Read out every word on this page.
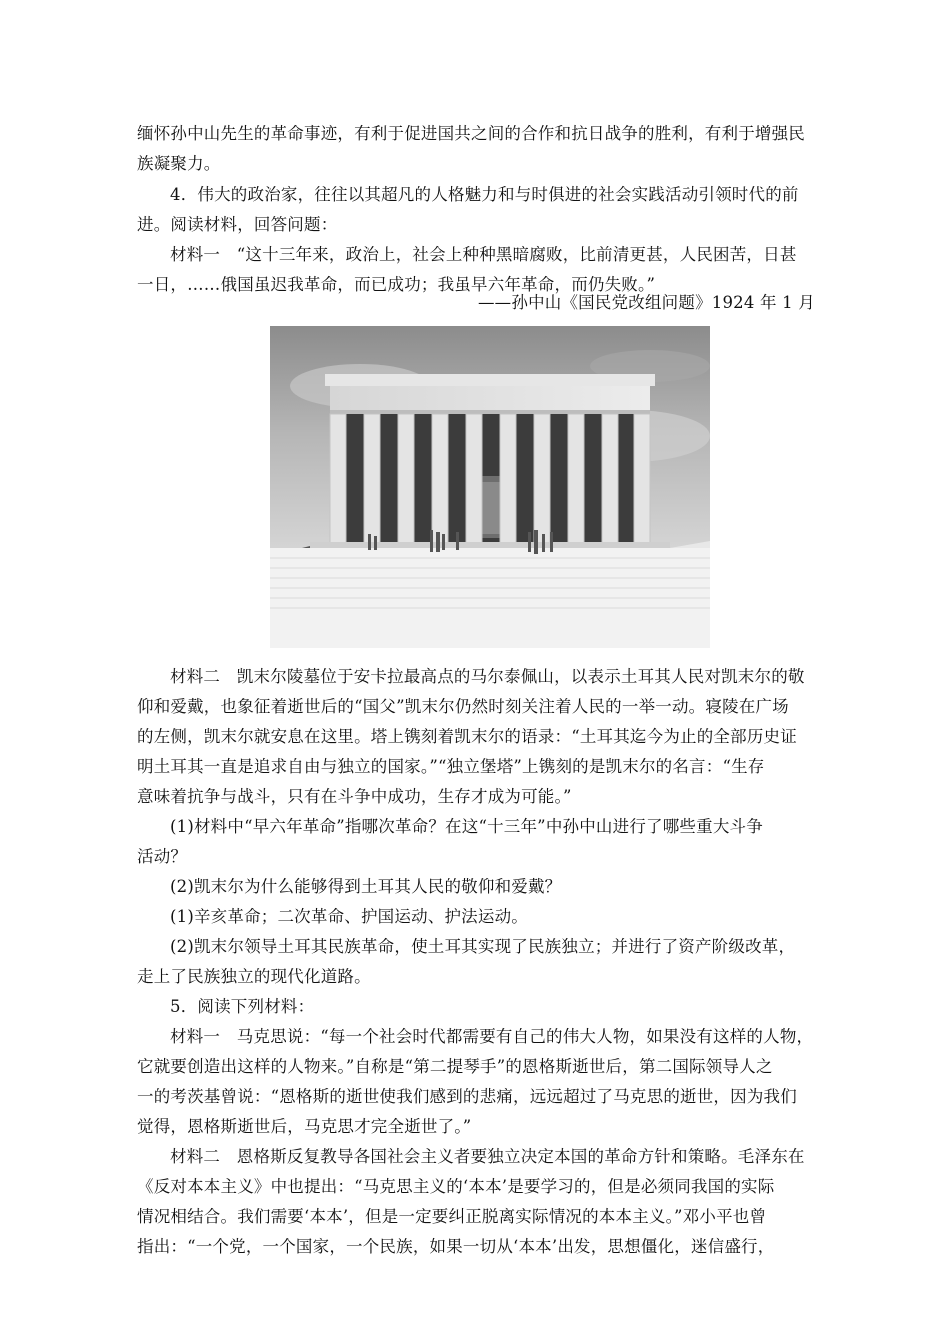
缅怀孙中山先生的革命事迹，有利于促进国共之间的合作和抗日战争的胜利，有利于增强民
族凝聚力。
4．伟大的政治家，往往以其超凡的人格魅力和与时俱进的社会实践活动引领时代的前
进。阅读材料，回答问题：
材料一　“这十三年来，政治上，社会上种种黑暗腐败，比前清更甚，人民困苦，日甚
一日，……俄国虽迟我革命，而已成功；我虽早六年革命，而仍失败。”
——孙中山《国民党改组问题》1924 年 1 月
材料二　凯末尔陵墓位于安卡拉最高点的马尔泰佩山，以表示土耳其人民对凯末尔的敬
仰和爱戴，也象征着逝世后的“国父”凯末尔仍然时刻关注着人民的一举一动。寝陵在广场
的左侧，凯末尔就安息在这里。塔上镌刻着凯末尔的语录：“土耳其迄今为止的全部历史证
明土耳其一直是追求自由与独立的国家。”“独立堡塔”上镌刻的是凯末尔的名言：“生存
意味着抗争与战斗，只有在斗争中成功，生存才成为可能。”
(1)材料中“早六年革命”指哪次革命？在这“十三年”中孙中山进行了哪些重大斗争
活动？
(2)凯末尔为什么能够得到土耳其人民的敬仰和爱戴？
(1)辛亥革命；二次革命、护国运动、护法运动。
(2)凯末尔领导土耳其民族革命，使土耳其实现了民族独立；并进行了资产阶级改革，
走上了民族独立的现代化道路。
5．阅读下列材料：
材料一　马克思说：“每一个社会时代都需要有自己的伟大人物，如果没有这样的人物，
它就要创造出这样的人物来。”自称是“第二提琴手”的恩格斯逝世后，第二国际领导人之
一的考茨基曾说：“恩格斯的逝世使我们感到的悲痛，远远超过了马克思的逝世，因为我们
觉得，恩格斯逝世后，马克思才完全逝世了。”
材料二　恩格斯反复教导各国社会主义者要独立决定本国的革命方针和策略。毛泽东在
《反对本本主义》中也提出：“马克思主义的‘本本’是要学习的，但是必须同我国的实际
情况相结合。我们需要‘本本’，但是一定要纠正脱离实际情况的本本主义。”邓小平也曾
指出：“一个党，一个国家，一个民族，如果一切从‘本本’出发，思想僵化，迷信盛行，
